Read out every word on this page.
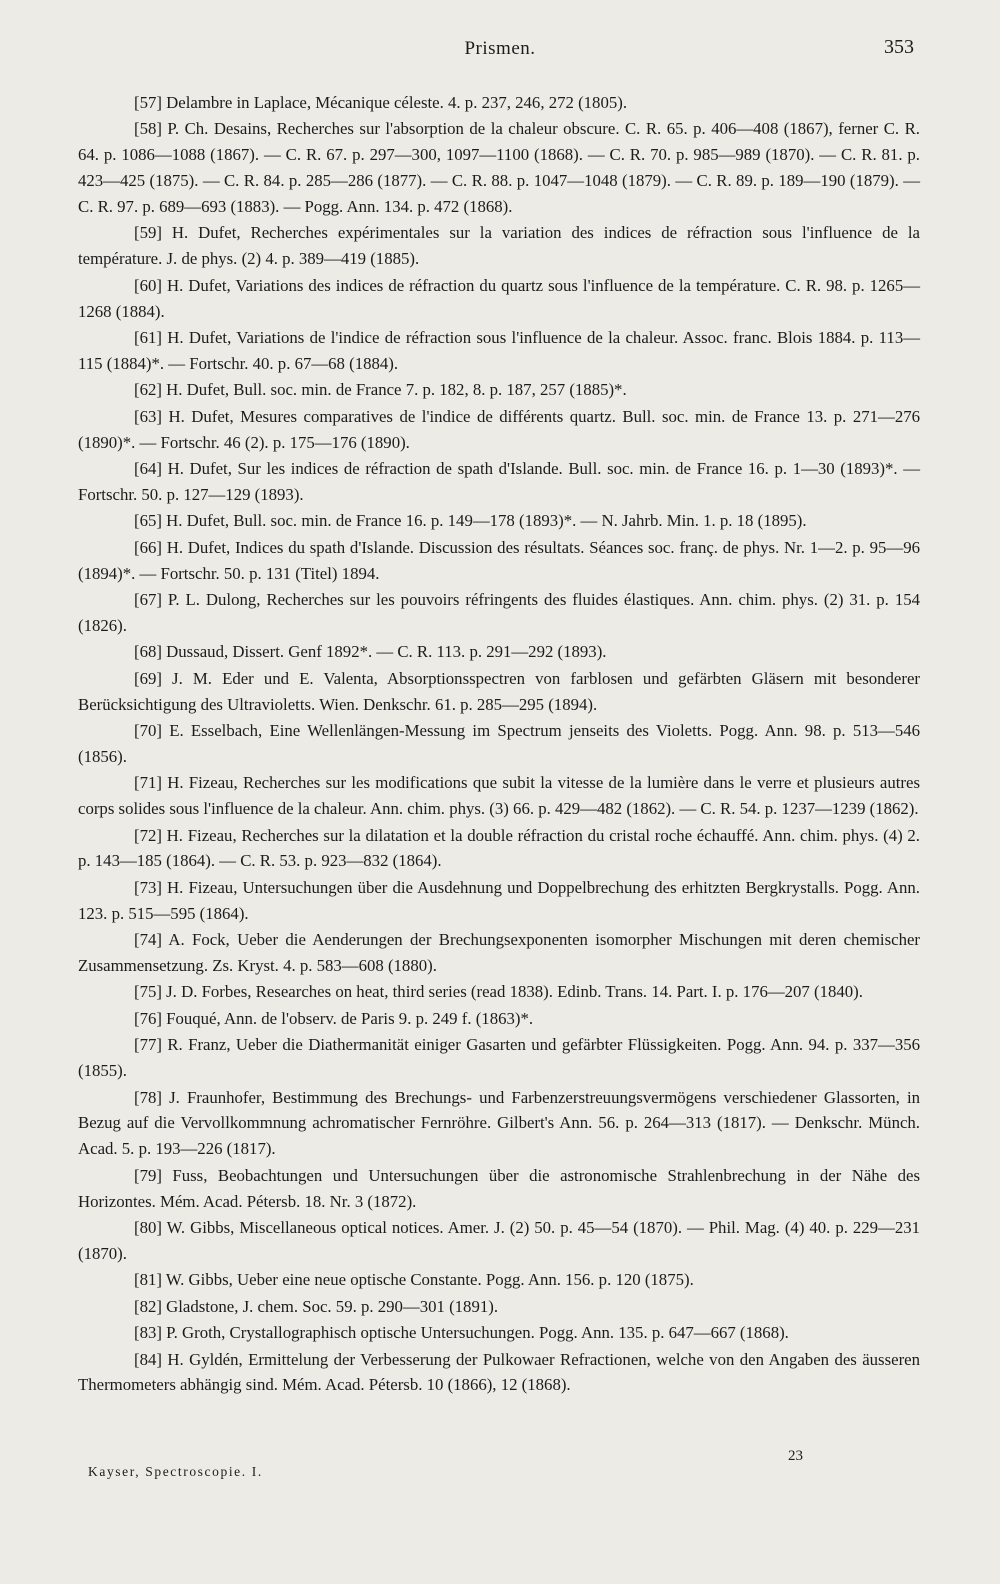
Prismen.	353

[57] Delambre in Laplace, Mécanique céleste. 4. p. 237, 246, 272 (1805).

[58] P. Ch. Desains, Recherches sur l'absorption de la chaleur obscure. C. R. 65. p. 406—408 (1867), ferner C. R. 64. p. 1086—1088 (1867). — C. R. 67. p. 297—300, 1097—1100 (1868). — C. R. 70. p. 985—989 (1870). — C. R. 81. p. 423—425 (1875). — C. R. 84. p. 285—286 (1877). — C. R. 88. p. 1047—1048 (1879). — C. R. 89. p. 189—190 (1879). — C. R. 97. p. 689—693 (1883). — Pogg. Ann. 134. p. 472 (1868).

[59] H. Dufet, Recherches expérimentales sur la variation des indices de réfraction sous l'influence de la température. J. de phys. (2) 4. p. 389—419 (1885).

[60] H. Dufet, Variations des indices de réfraction du quartz sous l'influence de la température. C. R. 98. p. 1265—1268 (1884).

[61] H. Dufet, Variations de l'indice de réfraction sous l'influence de la chaleur. Assoc. franc. Blois 1884. p. 113—115 (1884)*. — Fortschr. 40. p. 67—68 (1884).

[62] H. Dufet, Bull. soc. min. de France 7. p. 182, 8. p. 187, 257 (1885)*.

[63] H. Dufet, Mesures comparatives de l'indice de différents quartz. Bull. soc. min. de France 13. p. 271—276 (1890)*. — Fortschr. 46 (2). p. 175—176 (1890).

[64] H. Dufet, Sur les indices de réfraction de spath d'Islande. Bull. soc. min. de France 16. p. 1—30 (1893)*. — Fortschr. 50. p. 127—129 (1893).

[65] H. Dufet, Bull. soc. min. de France 16. p. 149—178 (1893)*. — N. Jahrb. Min. 1. p. 18 (1895).

[66] H. Dufet, Indices du spath d'Islande. Discussion des résultats. Séances soc. franç. de phys. Nr. 1—2. p. 95—96 (1894)*. — Fortschr. 50. p. 131 (Titel) 1894.

[67] P. L. Dulong, Recherches sur les pouvoirs réfringents des fluides élastiques. Ann. chim. phys. (2) 31. p. 154 (1826).

[68] Dussaud, Dissert. Genf 1892*. — C. R. 113. p. 291—292 (1893).

[69] J. M. Eder und E. Valenta, Absorptionsspectren von farblosen und gefärbten Gläsern mit besonderer Berücksichtigung des Ultravioletts. Wien. Denkschr. 61. p. 285—295 (1894).

[70] E. Esselbach, Eine Wellenlängen-Messung im Spectrum jenseits des Violetts. Pogg. Ann. 98. p. 513—546 (1856).

[71] H. Fizeau, Recherches sur les modifications que subit la vitesse de la lumière dans le verre et plusieurs autres corps solides sous l'influence de la chaleur. Ann. chim. phys. (3) 66. p. 429—482 (1862). — C. R. 54. p. 1237—1239 (1862).

[72] H. Fizeau, Recherches sur la dilatation et la double réfraction du cristal roche échauffé. Ann. chim. phys. (4) 2. p. 143—185 (1864). — C. R. 53. p. 923—832 (1864).

[73] H. Fizeau, Untersuchungen über die Ausdehnung und Doppelbrechung des erhitzten Bergkrystalls. Pogg. Ann. 123. p. 515—595 (1864).

[74] A. Fock, Ueber die Aenderungen der Brechungsexponenten isomorpher Mischungen mit deren chemischer Zusammensetzung. Zs. Kryst. 4. p. 583—608 (1880).

[75] J. D. Forbes, Researches on heat, third series (read 1838). Edinb. Trans. 14. Part. I. p. 176—207 (1840).

[76] Fouqué, Ann. de l'observ. de Paris 9. p. 249 f. (1863)*.

[77] R. Franz, Ueber die Diathermanität einiger Gasarten und gefärbter Flüssigkeiten. Pogg. Ann. 94. p. 337—356 (1855).

[78] J. Fraunhofer, Bestimmung des Brechungs- und Farbenzerstreuungsvermögens verschiedener Glassorten, in Bezug auf die Vervollkommnung achromatischer Fernröhre. Gilbert's Ann. 56. p. 264—313 (1817). — Denkschr. Münch. Acad. 5. p. 193—226 (1817).

[79] Fuss, Beobachtungen und Untersuchungen über die astronomische Strahlenbrechung in der Nähe des Horizontes. Mém. Acad. Pétersb. 18. Nr. 3 (1872).

[80] W. Gibbs, Miscellaneous optical notices. Amer. J. (2) 50. p. 45—54 (1870). — Phil. Mag. (4) 40. p. 229—231 (1870).

[81] W. Gibbs, Ueber eine neue optische Constante. Pogg. Ann. 156. p. 120 (1875).

[82] Gladstone, J. chem. Soc. 59. p. 290—301 (1891).

[83] P. Groth, Crystallographisch optische Untersuchungen. Pogg. Ann. 135. p. 647—667 (1868).

[84] H. Gyldén, Ermittelung der Verbesserung der Pulkowaer Refractionen, welche von den Angaben des äusseren Thermometers abhängig sind. Mém. Acad. Pétersb. 10 (1866), 12 (1868).

Kayser, Spectroscopie. I.
23
